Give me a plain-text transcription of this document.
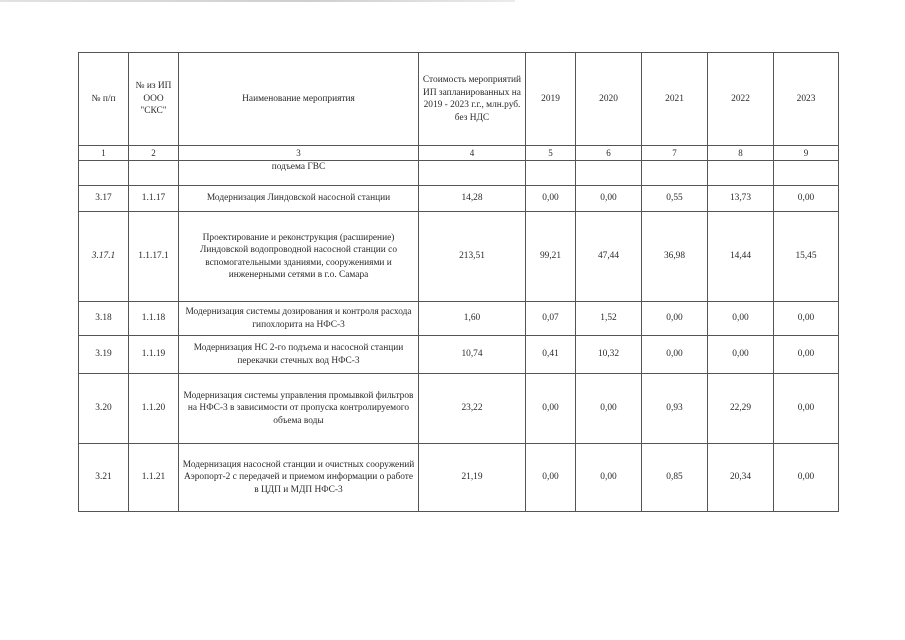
№ п/п	№ из ИП ООО "СКС"	Наименование мероприятия	Стоимость мероприятий ИП запланированных на 2019 - 2023 г.г., млн.руб. без НДС	2019	2020	2021	2022	2023
1	2	3	4	5	6	7	8	9
		подъема ГВС						
3.17	1.1.17	Модернизация Линдовской насосной станции	14,28	0,00	0,00	0,55	13,73	0,00
3.17.1	1.1.17.1	Проектирование и реконструкция (расширение) Линдовской водопроводной насосной станции со вспомогательными зданиями, сооружениями и инженерными сетями в г.о. Самара	213,51	99,21	47,44	36,98	14,44	15,45
3.18	1.1.18	Модернизация системы дозирования и контроля расхода гипохлорита на НФС-3	1,60	0,07	1,52	0,00	0,00	0,00
3.19	1.1.19	Модернизация НС 2-го подъема и насосной станции перекачки стечных вод НФС-3	10,74	0,41	10,32	0,00	0,00	0,00
3.20	1.1.20	Модернизация системы управления промывкой фильтров на НФС-3 в зависимости от пропуска контролируемого объема воды	23,22	0,00	0,00	0,93	22,29	0,00
3.21	1.1.21	Модернизация насосной станции и очистных сооружений Аэропорт-2 с передачей и приемом информации о работе в ЦДП и МДП НФС-3	21,19	0,00	0,00	0,85	20,34	0,00
